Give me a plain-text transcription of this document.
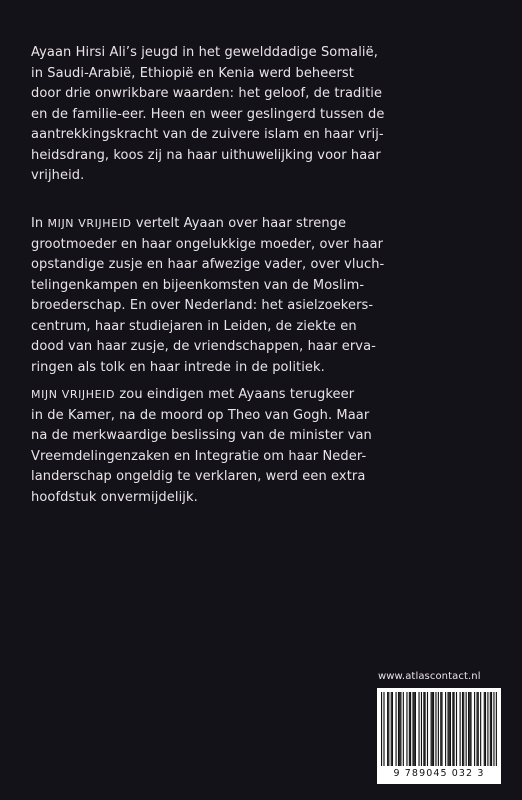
Ayaan Hirsi Ali’s jeugd in het gewelddadige Somalië,
in Saudi-Arabië, Ethiopië en Kenia werd beheerst
door drie onwrikbare waarden: het geloof, de traditie
en de familie-eer. Heen en weer geslingerd tussen de
aantrekkingskracht van de zuivere islam en haar vrij-
heidsdrang, koos zij na haar uithuwelijking voor haar
vrijheid.

In MIJN VRIJHEID vertelt Ayaan over haar strenge
grootmoeder en haar ongelukkige moeder, over haar
opstandige zusje en haar afwezige vader, over vluch-
telingenkampen en bijeenkomsten van de Moslim-
broederschap. En over Nederland: het asielzoekers-
centrum, haar studiejaren in Leiden, de ziekte en
dood van haar zusje, de vriendschappen, haar erva-
ringen als tolk en haar intrede in de politiek.

MIJN VRIJHEID zou eindigen met Ayaans terugkeer
in de Kamer, na de moord op Theo van Gogh. Maar
na de merkwaardige beslissing van de minister van
Vreemdelingenzaken en Integratie om haar Neder-
landerschap ongeldig te verklaren, werd een extra
hoofdstuk onvermijdelijk.

www.atlascontact.nl
9 789045 032 3
